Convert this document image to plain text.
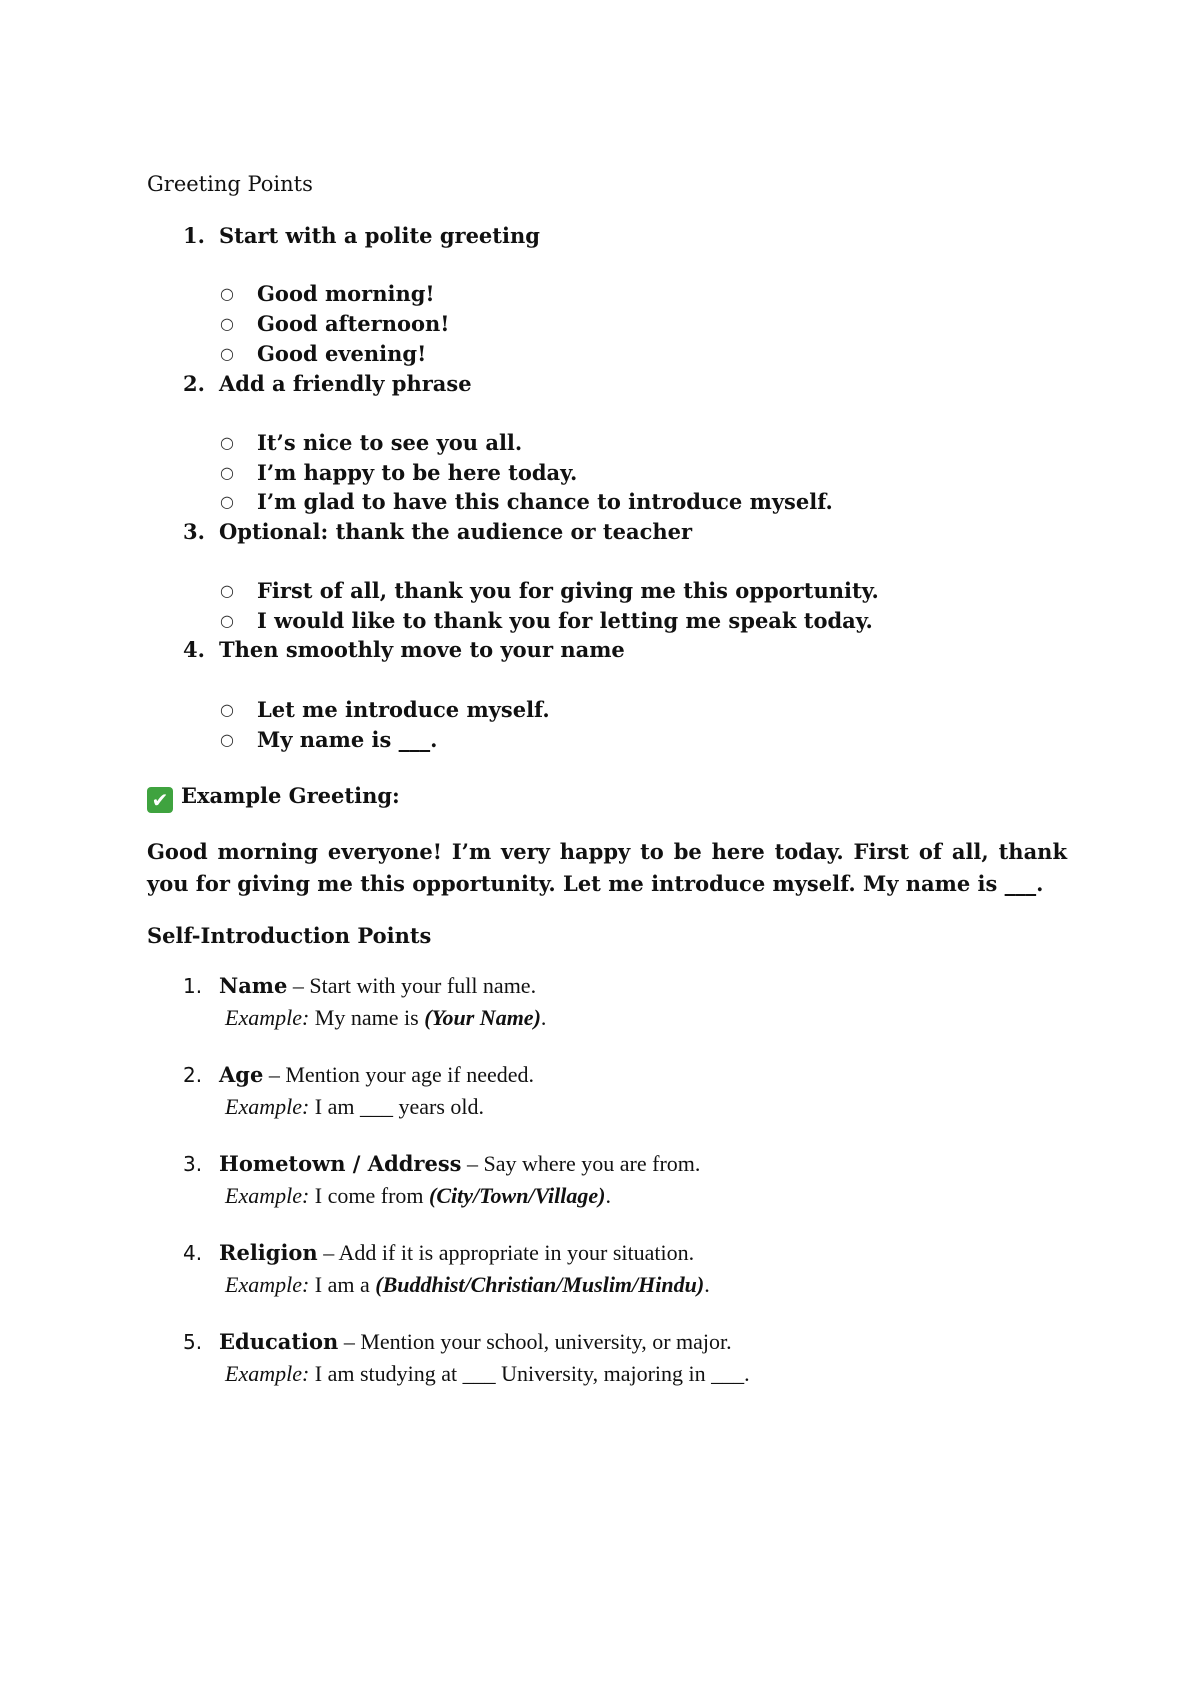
Greeting Points
1. Start with a polite greeting
○ Good morning!
○ Good afternoon!
○ Good evening!
2. Add a friendly phrase
○ It’s nice to see you all.
○ I’m happy to be here today.
○ I’m glad to have this chance to introduce myself.
3. Optional: thank the audience or teacher
○ First of all, thank you for giving me this opportunity.
○ I would like to thank you for letting me speak today.
4. Then smoothly move to your name
○ Let me introduce myself.
○ My name is ___.
✔ Example Greeting:
Good morning everyone! I’m very happy to be here today. First of all, thank you for giving me this opportunity. Let me introduce myself. My name is ___.
Self-Introduction Points
1. Name – Start with your full name.
Example: My name is (Your Name).
2. Age – Mention your age if needed.
Example: I am ___ years old.
3. Hometown / Address – Say where you are from.
Example: I come from (City/Town/Village).
4. Religion – Add if it is appropriate in your situation.
Example: I am a (Buddhist/Christian/Muslim/Hindu).
5. Education – Mention your school, university, or major.
Example: I am studying at ___ University, majoring in ___.
